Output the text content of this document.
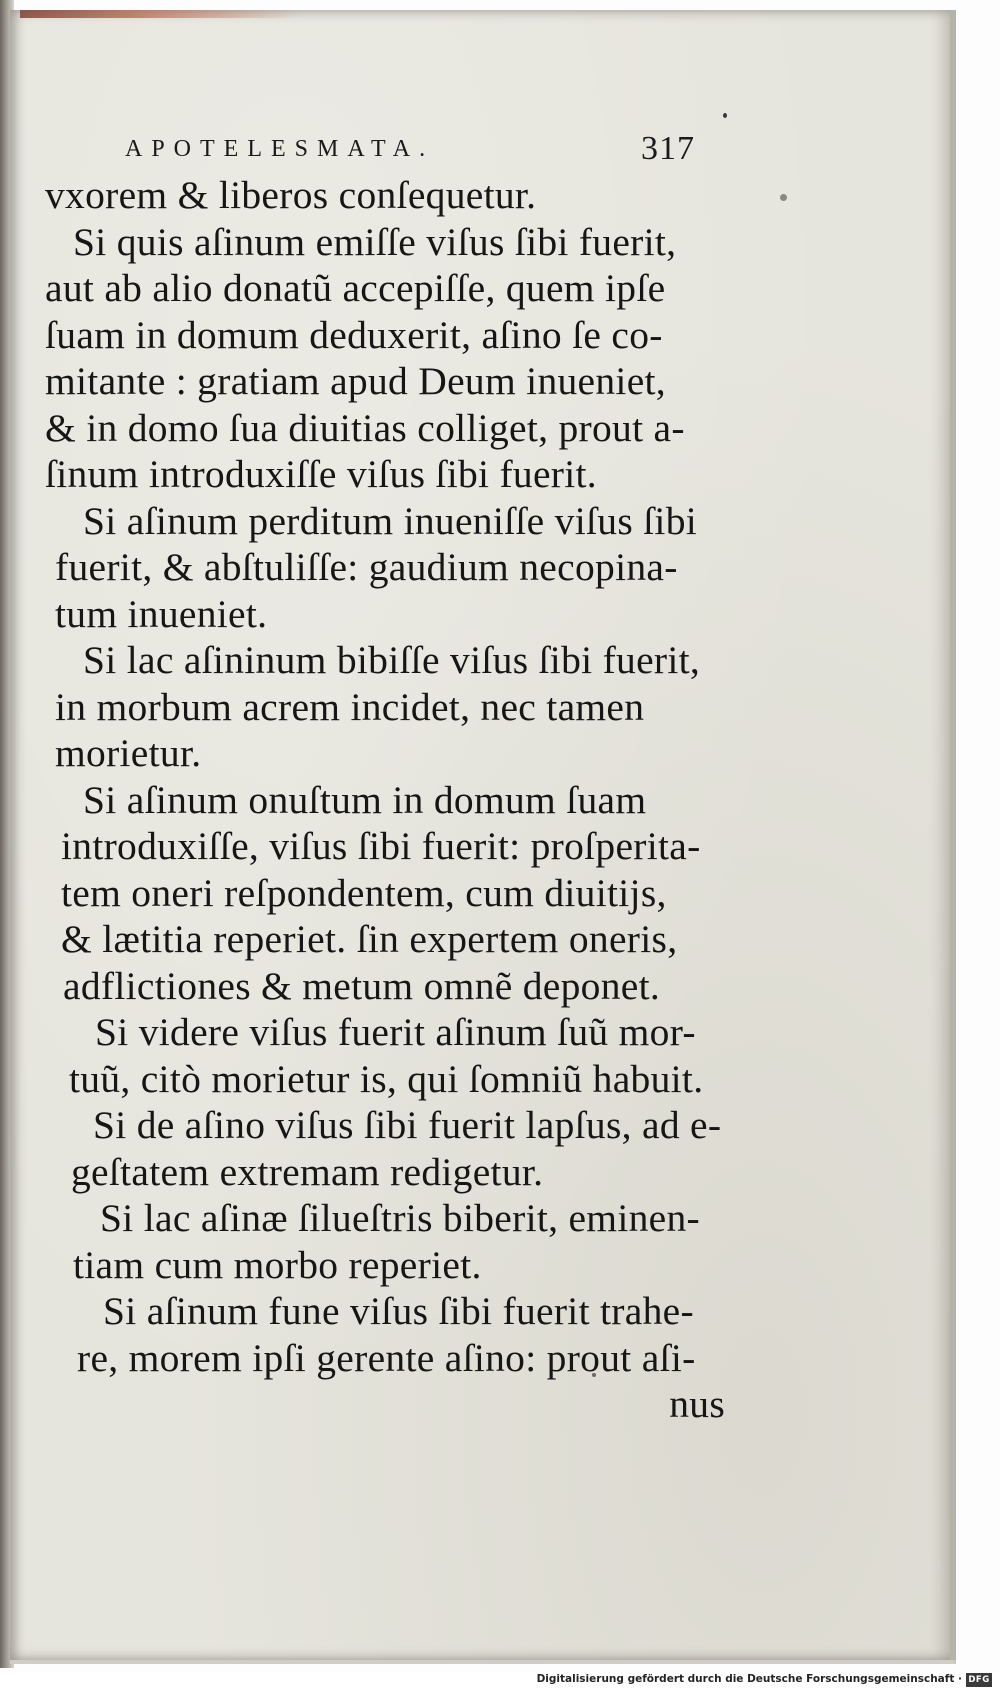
APOTELESMATA.	317
vxorem & liberos conſequetur.
Si quis aſinum emiſſe viſus ſibi fuerit,
aut ab alio donatũ accepiſſe, quem ipſe
ſuam in domum deduxerit, aſino ſe co-
mitante : gratiam apud Deum inueniet,
& in domo ſua diuitias colliget, prout a-
ſinum introduxiſſe viſus ſibi fuerit.
Si aſinum perditum inueniſſe viſus ſibi
fuerit, & abſtuliſſe: gaudium necopina-
tum inueniet.
Si lac aſininum bibiſſe viſus ſibi fuerit,
in morbum acrem incidet, nec tamen
morietur.
Si aſinum onuſtum in domum ſuam
introduxiſſe, viſus ſibi fuerit: proſperita-
tem oneri reſpondentem, cum diuitijs,
& lætitia reperiet. ſin expertem oneris,
adflictiones & metum omnẽ deponet.
Si videre viſus fuerit aſinum ſuũ mor-
tuũ, citò morietur is, qui ſomniũ habuit.
Si de aſino viſus ſibi fuerit lapſus, ad e-
geſtatem extremam redigetur.
Si lac aſinæ ſilueſtris biberit, eminen-
tiam cum morbo reperiet.
Si aſinum fune viſus ſibi fuerit trahe-
re, morem ipſi gerente aſino: prout aſi-
nus
Digitalisierung gefördert durch die Deutsche Forschungsgemeinschaft · DFG
